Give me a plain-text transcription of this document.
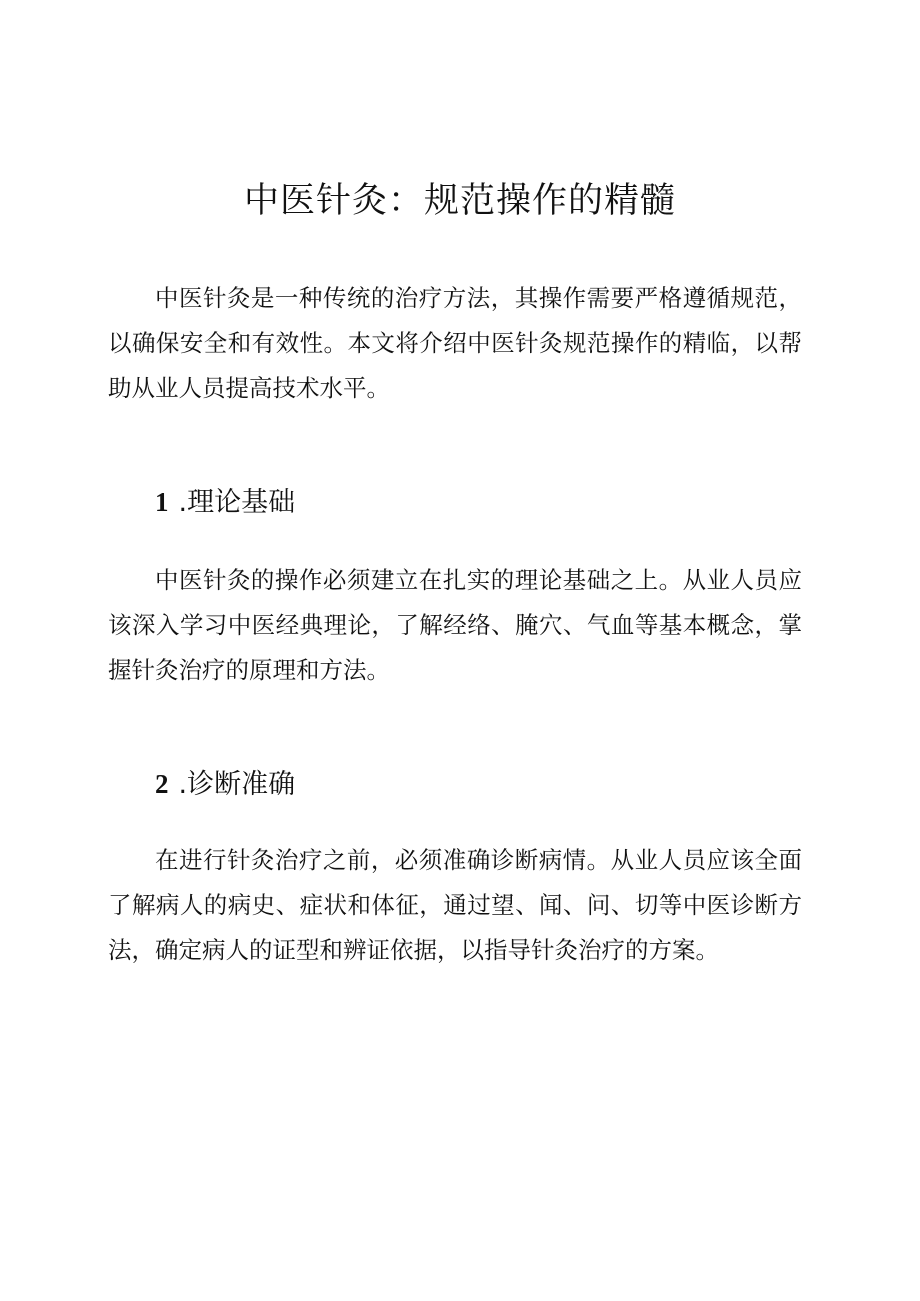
中医针灸：规范操作的精髓

中医针灸是一种传统的治疗方法，其操作需要严格遵循规范，以确保安全和有效性。本文将介绍中医针灸规范操作的精临，以帮助从业人员提高技术水平。

1 .理论基础

中医针灸的操作必须建立在扎实的理论基础之上。从业人员应该深入学习中医经典理论，了解经络、腌穴、气血等基本概念，掌握针灸治疗的原理和方法。

2 .诊断准确

在进行针灸治疗之前，必须准确诊断病情。从业人员应该全面了解病人的病史、症状和体征，通过望、闻、问、切等中医诊断方法，确定病人的证型和辨证依据，以指导针灸治疗的方案。
